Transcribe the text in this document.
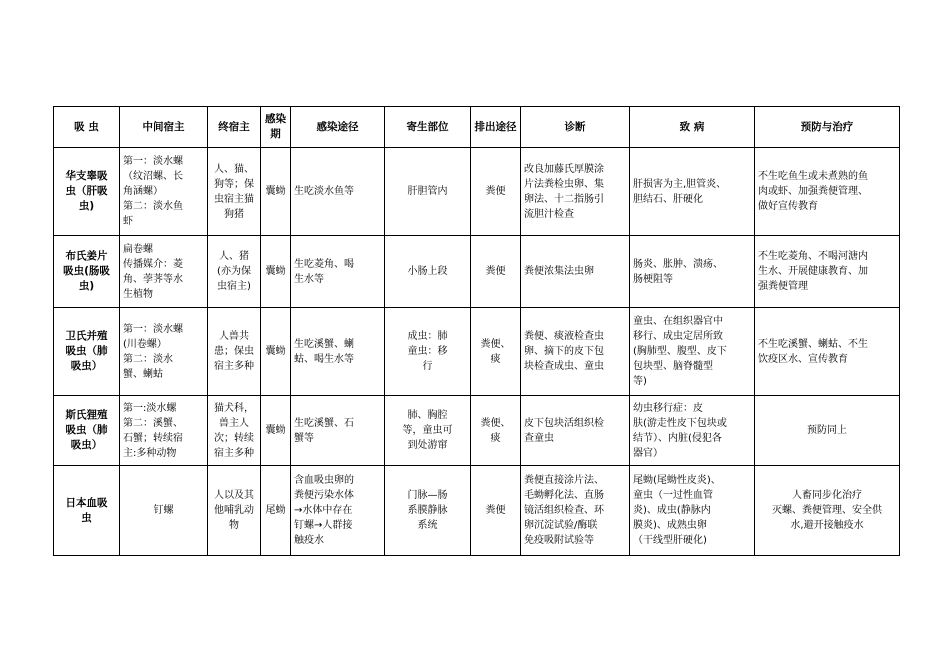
吸 虫	中间宿主	终宿主	感染期	感染途径	寄生部位	排出途径	诊断	致 病	预防与治疗

华支睾吸
虫（肝吸
虫)	第一：淡水螺
（纹沼螺、长
角涵螺）
第二：淡水鱼
虾	人、猫、
狗等；保
虫宿主猫
狗猪	囊蚴	生吃淡水鱼等	肝胆管内	粪便	改良加藤氏厚膜涂
片法粪检虫卵、集
卵法、十二指肠引
流胆汁检查	肝损害为主,胆管炎、
胆结石、肝硬化	不生吃鱼生或未煮熟的鱼
肉或虾、加强粪便管理、
做好宣传教育

布氏姜片
吸虫(肠吸
虫)	扁卷螺
传播媒介：菱
角、荸荠等水
生植物	人、猪
(亦为保
虫宿主)	囊蚴	生吃菱角、喝
生水等	小肠上段	粪便	粪便浓集法虫卵	肠炎、胀肿、溃疡、
肠梗阻等	不生吃菱角、不喝河溏内
生水、开展健康教育、加
强粪便管理

卫氏并殖
吸虫（肺
吸虫）	第一：淡水螺
(川卷螺）
第二：淡水
蟹、蝲蛄	人兽共
患；保虫
宿主多种	囊蚴	生吃溪蟹、蝲
蛄、喝生水等	成虫：肺
童虫：移
行	粪便、
痰	粪便、痰液检查虫
卵、摘下的皮下包
块检查成虫、童虫	童虫、在组织器官中
移行、成虫定居所致
(胸肺型、腹型、皮下
包块型、脑脊髓型
等)	不生吃溪蟹、蝲蛄、不生
饮疫区水、宣传教育

斯氏狸殖
吸虫（肺
吸虫）	第一:淡水螺
第二：溪蟹、
石蟹；转续宿
主:多种动物	猫犬科，
兽主人
次；转续
宿主多种	囊蚴	生吃溪蟹、石
蟹等	肺、胸腔
等，童虫可
到处游窜	粪便、
痰	皮下包块活组织检
查童虫	幼虫移行症：皮
肤(游走性皮下包块或
结节）、内脏(侵犯各
器官）	预防同上

日本血吸
虫	钉螺	人以及其
他哺乳动
物	尾蚴	含血吸虫卵的
粪便污染水体
→水体中存在
钉螺→人群接
触疫水	门脉—肠
系膜静脉
系统	粪便	粪便直接涂片法、
毛蚴孵化法、直肠
镜活组织检查、环
卵沉淀试验/酶联
免疫吸附试验等	尾蚴(尾蚴性皮炎)、
童虫（一过性血管
炎)、成虫(静脉内
膜炎)、成熟虫卵
（干线型肝硬化)	人畜同步化治疗
灭螺、粪便管理、安全供
水,避开接触疫水
